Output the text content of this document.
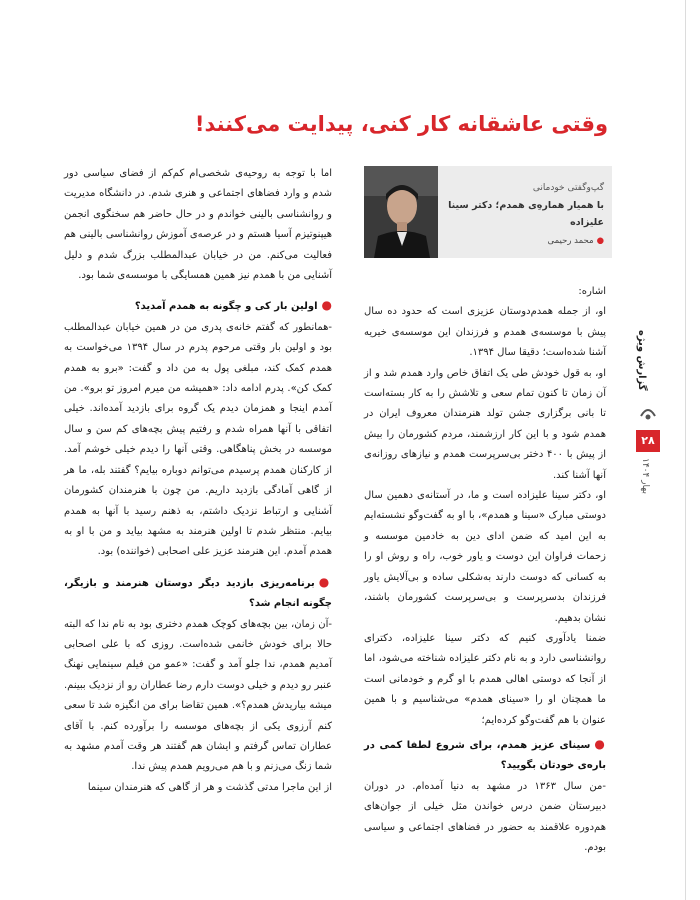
وقتی عاشقانه کار کنی، پیدایت می‌کنند!
گپ‌وگفتی خودمانی
با همیار همارهِ‌ی همدم؛ دکتر سینا علیزاده
●محمد رحیمی

اشاره:

او، از جمله همدم‌دوستان عزیزی است که حدود ده سال پیش با موسسه‌ی همدم و فرزندان این موسسه‌ی خیریه آشنا شده‌است؛ دقیقا سال ۱۳۹۴.

او، به قول خودش طی یک اتفاق خاص وارد همدم شد و از آن زمان تا کنون تمام سعی و تلاشش را به کار بسته‌است تا بانی برگزاری جشن تولد هنرمندان معروف ایران در همدم شود و با این کار ارزشمند، مردم کشورمان را بیش از پیش با ۴۰۰ دختر بی‌سرپرست همدم و نیازهای روزانه‌ی آنها آشنا کند.

او، دکتر سینا علیزاده است و ما، در آستانه‌ی دهمین سال دوستی مبارک «سینا و همدم»، با او به گفت‌وگو نشسته‌ایم به این امید که ضمن ادای دین به خادمین موسسه و زحمات فراوان این دوست و یاور خوب، راه و روش او را به کسانی که دوست دارند به‌شکلی ساده و بی‌آلایش یاور فرزندان بدسرپرست و بی‌سرپرست کشورمان باشند، نشان بدهیم.

ضمنا یادآوری کنیم که دکتر سینا علیزاده، دکترای روانشناسی دارد و به نام دکتر علیزاده شناخته می‌شود، اما از آنجا که دوستی اهالی همدم با او گرم و خودمانی است ما همچنان او را «سینای همدم» می‌شناسیم و با همین عنوان با هم گفت‌وگو کرده‌ایم؛

●سینای عزیز همدم، برای شروع لطفا کمی در باره‌ی خودتان بگویید؟

-من سال ۱۳۶۳ در مشهد به دنیا آمده‌ام. در دوران دبیرستان ضمن درس خواندن مثل خیلی از جوان‌های هم‌دوره علاقمند به حضور در فضاهای اجتماعی و سیاسی بودم.

اما با توجه به روحیه‌ی شخصی‌ام کم‌کم از فضای سیاسی دور شدم و وارد فضاهای اجتماعی و هنری شدم. در دانشگاه مدیریت و روانشناسی بالینی خواندم و در حال حاضر هم سخنگوی انجمن هیپنوتیزم آسیا هستم و در عرصه‌ی آموزش روانشناسی بالینی هم فعالیت می‌کنم. من در خیابان عبدالمطلب بزرگ شدم و دلیل آشنایی من با همدم نیز همین همسایگی با موسسه‌ی شما بود.

●اولین بار کی و چگونه به همدم آمدید؟

-همانطور که گفتم خانه‌ی پدری من در همین خیابان عبدالمطلب بود و اولین بار وقتی مرحوم پدرم در سال ۱۳۹۴ می‌خواست به همدم کمک کند، مبلغی پول به من داد و گفت: «برو به همدم کمک کن». پدرم ادامه داد: «همیشه من میرم امروز تو برو». من آمدم اینجا و همزمان دیدم یک گروه برای بازدید آمده‌اند. خیلی اتفاقی با آنها همراه شدم و رفتیم پیش بچه‌های کم سن و سال موسسه در بخش پناهگاهی. وقتی آنها را دیدم خیلی خوشم آمد. از کارکنان همدم پرسیدم می‌توانم دوباره بیایم؟ گفتند بله، ما هر از گاهی آمادگی بازدید داریم. من چون با هنرمندان کشورمان آشنایی و ارتباط نزدیک داشتم، به ذهنم رسید با آنها به همدم بیایم. منتظر شدم تا اولین هنرمند به مشهد بیاید و من با او به همدم آمدم. این هنرمند عزیز علی اصحابی (خواننده) بود.

●برنامه‌ریزی بازدید دیگر دوستان هنرمند و بازیگر، چگونه انجام شد؟

-آن زمان، بین بچه‌های کوچک همدم دختری بود به نام ندا که البته حالا برای خودش خانمی شده‌است. روزی که با علی اصحابی آمدیم همدم، ندا جلو آمد و گفت: «عمو من فیلم سینمایی نهنگ عنبر رو دیدم و خیلی دوست دارم رضا عطاران رو از نزدیک ببینم. میشه بیاریدش همدم؟». همین تقاضا برای من انگیزه شد تا سعی کنم آرزوی یکی از بچه‌های موسسه را برآورده کنم. با آقای عطاران تماس گرفتم و ایشان هم گفتند هر وقت آمدم مشهد به شما زنگ می‌زنم و با هم می‌رویم همدم پیش ندا.

از این ماجرا مدتی گذشت و هر از گاهی که هنرمندان سینما

گزارش ویژه
۲۸
بهار ۱۴۰۴
